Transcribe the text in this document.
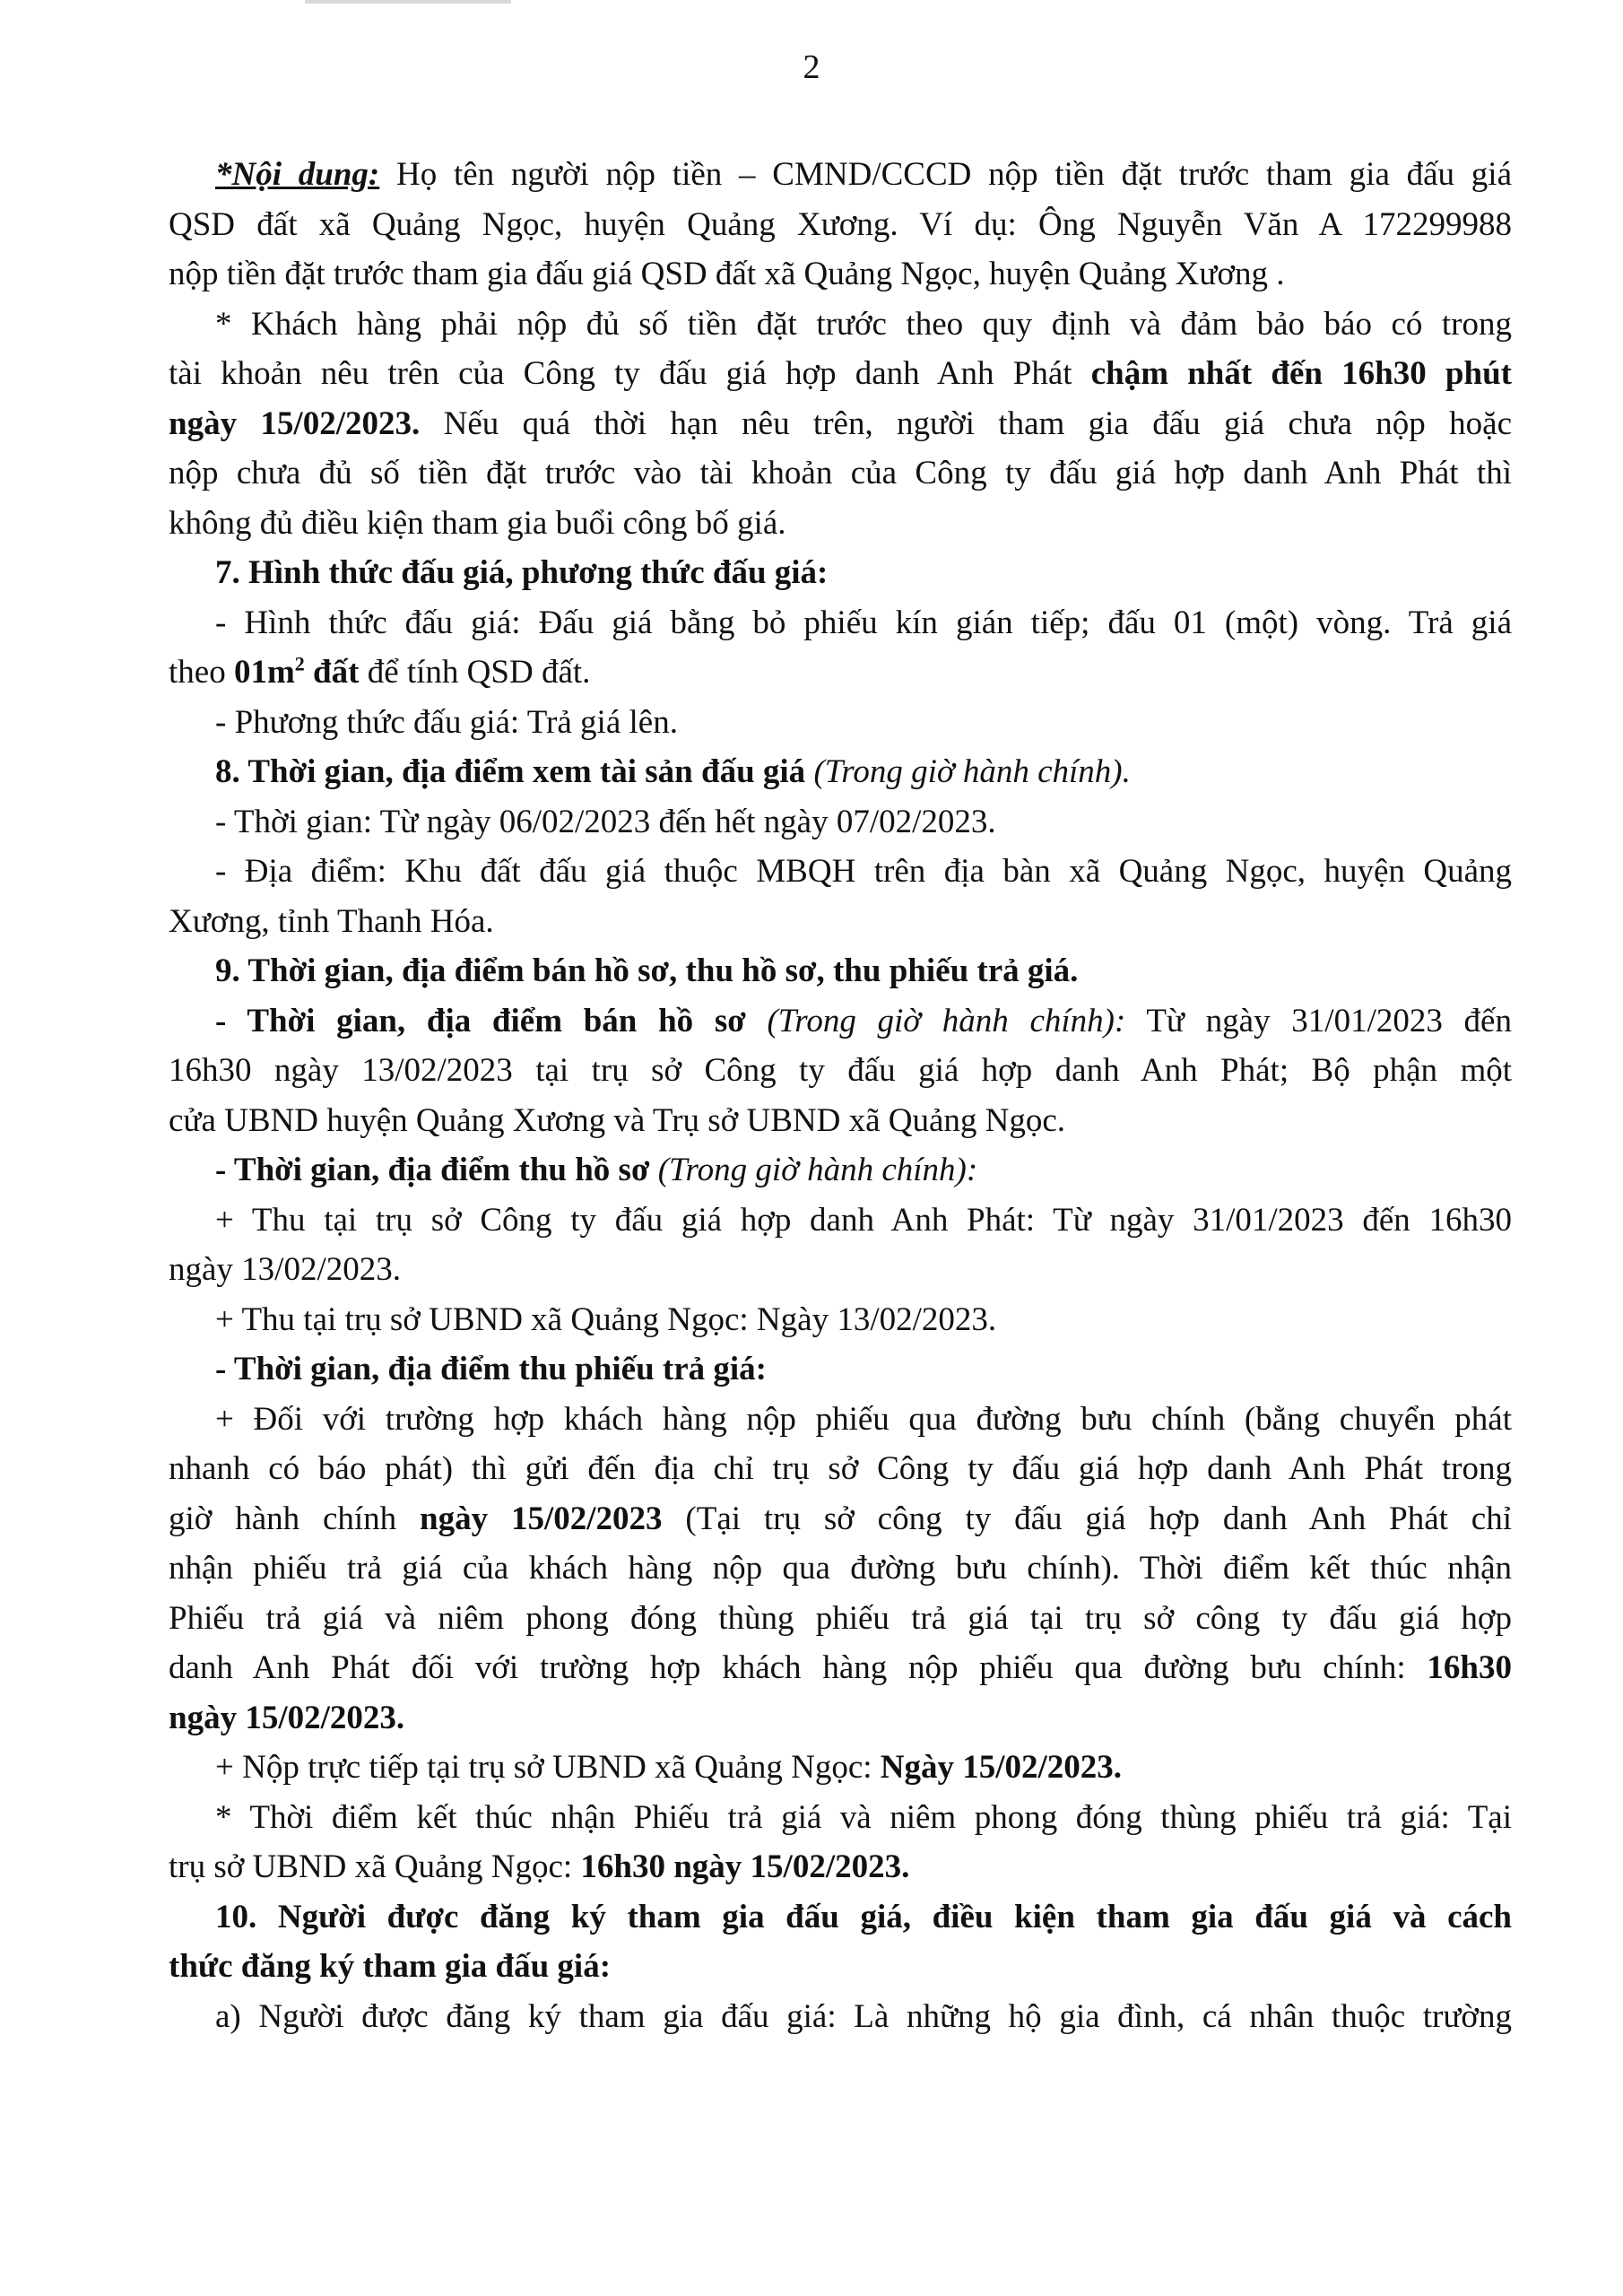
2
*Nội dung: Họ tên người nộp tiền – CMND/CCCD nộp tiền đặt trước tham gia đấu giá
QSD đất xã Quảng Ngọc, huyện Quảng Xương. Ví dụ: Ông Nguyễn Văn A 172299988
nộp tiền đặt trước tham gia đấu giá QSD đất xã Quảng Ngọc, huyện Quảng Xương .
* Khách hàng phải nộp đủ số tiền đặt trước theo quy định và đảm bảo báo có trong
tài khoản nêu trên của Công ty đấu giá hợp danh Anh Phát chậm nhất đến 16h30 phút
ngày 15/02/2023. Nếu quá thời hạn nêu trên, người tham gia đấu giá chưa nộp hoặc
nộp chưa đủ số tiền đặt trước vào tài khoản của Công ty đấu giá hợp danh Anh Phát thì
không đủ điều kiện tham gia buổi công bố giá.
7. Hình thức đấu giá, phương thức đấu giá:
- Hình thức đấu giá: Đấu giá bằng bỏ phiếu kín gián tiếp; đấu 01 (một) vòng. Trả giá
theo $01m^2$ đất để tính QSD đất.
- Phương thức đấu giá: Trả giá lên.
8. Thời gian, địa điểm xem tài sản đấu giá (Trong giờ hành chính).
- Thời gian: Từ ngày 06/02/2023 đến hết ngày 07/02/2023.
- Địa điểm: Khu đất đấu giá thuộc MBQH trên địa bàn xã Quảng Ngọc, huyện Quảng
Xương, tỉnh Thanh Hóa.
9. Thời gian, địa điểm bán hồ sơ, thu hồ sơ, thu phiếu trả giá.
- Thời gian, địa điểm bán hồ sơ (Trong giờ hành chính): Từ ngày 31/01/2023 đến
16h30 ngày 13/02/2023 tại trụ sở Công ty đấu giá hợp danh Anh Phát; Bộ phận một
cửa UBND huyện Quảng Xương và Trụ sở UBND xã Quảng Ngọc.
- Thời gian, địa điểm thu hồ sơ (Trong giờ hành chính):
+ Thu tại trụ sở Công ty đấu giá hợp danh Anh Phát: Từ ngày 31/01/2023 đến 16h30
ngày 13/02/2023.
+ Thu tại trụ sở UBND xã Quảng Ngọc: Ngày 13/02/2023.
- Thời gian, địa điểm thu phiếu trả giá:
+ Đối với trường hợp khách hàng nộp phiếu qua đường bưu chính (bằng chuyển phát
nhanh có báo phát) thì gửi đến địa chỉ trụ sở Công ty đấu giá hợp danh Anh Phát trong
giờ hành chính ngày 15/02/2023 (Tại trụ sở công ty đấu giá hợp danh Anh Phát chỉ
nhận phiếu trả giá của khách hàng nộp qua đường bưu chính). Thời điểm kết thúc nhận
Phiếu trả giá và niêm phong đóng thùng phiếu trả giá tại trụ sở công ty đấu giá hợp
danh Anh Phát đối với trường hợp khách hàng nộp phiếu qua đường bưu chính: 16h30
ngày 15/02/2023.
+ Nộp trực tiếp tại trụ sở UBND xã Quảng Ngọc: Ngày 15/02/2023.
* Thời điểm kết thúc nhận Phiếu trả giá và niêm phong đóng thùng phiếu trả giá: Tại
trụ sở UBND xã Quảng Ngọc: 16h30 ngày 15/02/2023.
10. Người được đăng ký tham gia đấu giá, điều kiện tham gia đấu giá và cách
thức đăng ký tham gia đấu giá:
a) Người được đăng ký tham gia đấu giá: Là những hộ gia đình, cá nhân thuộc trường
